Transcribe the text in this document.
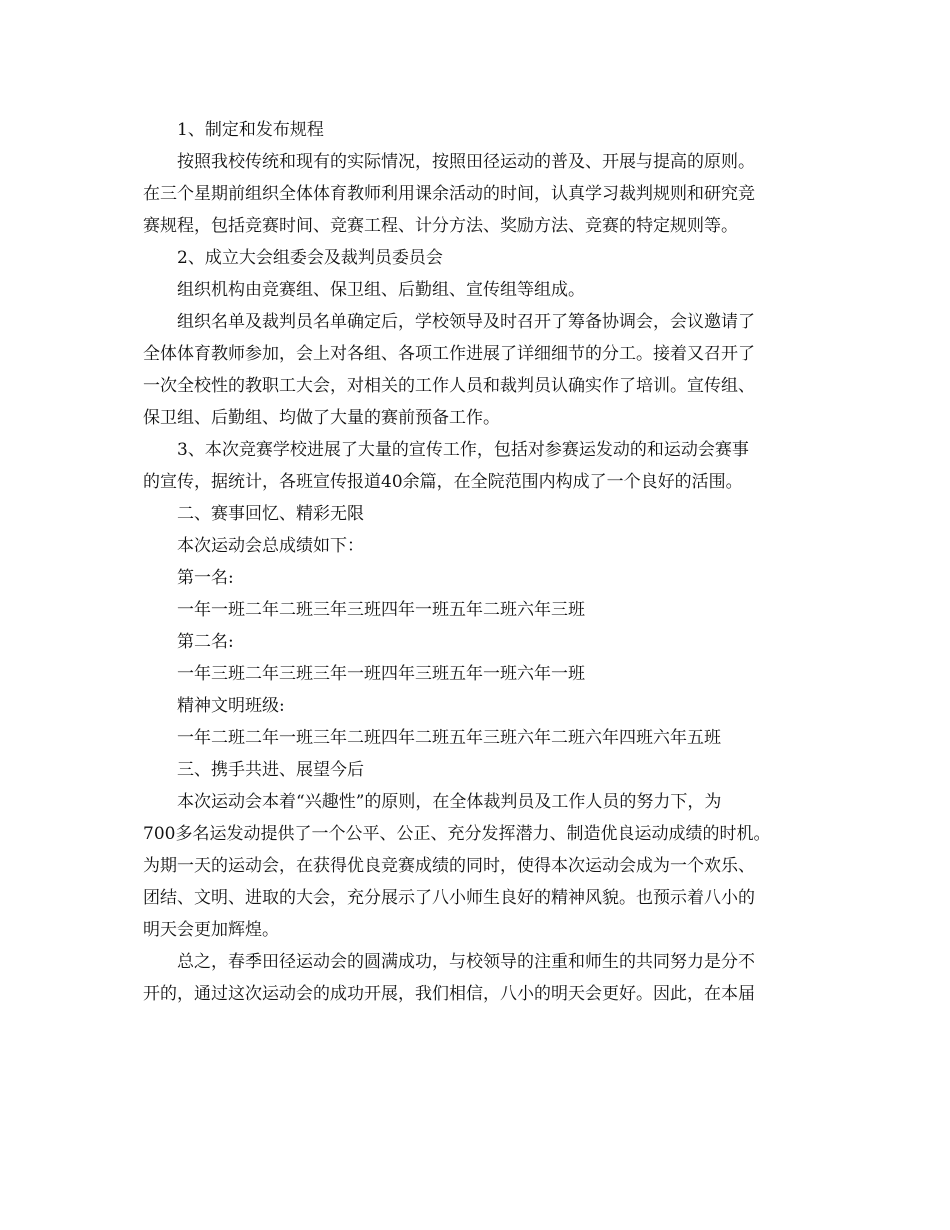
1、制定和发布规程

按照我校传统和现有的实际情况，按照田径运动的普及、开展与提高的原则。

在三个星期前组织全体体育教师利用课余活动的时间，认真学习裁判规则和研究竞

赛规程，包括竞赛时间、竞赛工程、计分方法、奖励方法、竞赛的特定规则等。

2、成立大会组委会及裁判员委员会

组织机构由竞赛组、保卫组、后勤组、宣传组等组成。

组织名单及裁判员名单确定后，学校领导及时召开了筹备协调会，会议邀请了

全体体育教师参加，会上对各组、各项工作进展了详细细节的分工。接着又召开了

一次全校性的教职工大会，对相关的工作人员和裁判员认确实作了培训。宣传组、

保卫组、后勤组、均做了大量的赛前预备工作。

3、本次竞赛学校进展了大量的宣传工作，包括对参赛运发动的和运动会赛事

的宣传，据统计，各班宣传报道40余篇，在全院范围内构成了一个良好的活围。

二、赛事回忆、精彩无限

本次运动会总成绩如下：

第一名:

一年一班二年二班三年三班四年一班五年二班六年三班

第二名:

一年三班二年三班三年一班四年三班五年一班六年一班

精神文明班级:

一年二班二年一班三年二班四年二班五年三班六年二班六年四班六年五班

三、携手共进、展望今后

本次运动会本着“兴趣性”的原则，在全体裁判员及工作人员的努力下，为

700多名运发动提供了一个公平、公正、充分发挥潜力、制造优良运动成绩的时机。

为期一天的运动会，在获得优良竞赛成绩的同时，使得本次运动会成为一个欢乐、

团结、文明、进取的大会，充分展示了八小师生良好的精神风貌。也预示着八小的

明天会更加辉煌。

总之，春季田径运动会的圆满成功，与校领导的注重和师生的共同努力是分不

开的，通过这次运动会的成功开展，我们相信，八小的明天会更好。因此，在本届
